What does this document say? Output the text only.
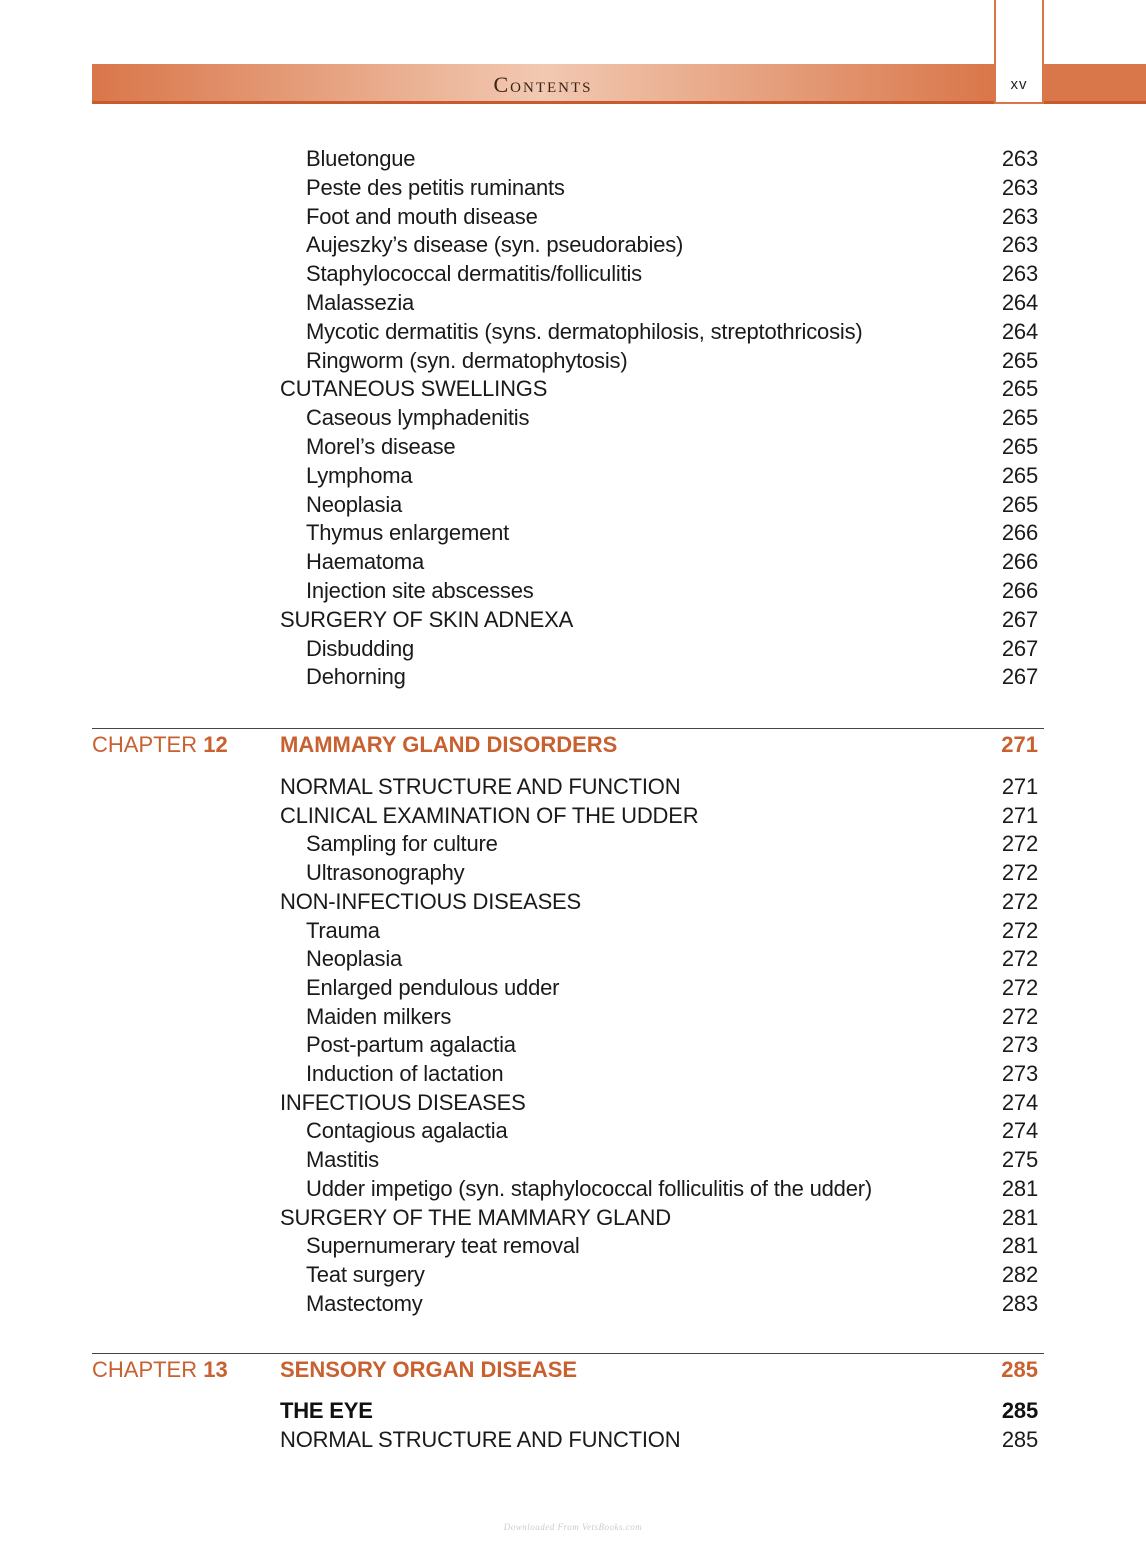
Contents	xv
Bluetongue	263
Peste des petitis ruminants	263
Foot and mouth disease	263
Aujeszky’s disease (syn. pseudorabies)	263
Staphylococcal dermatitis/folliculitis	263
Malassezia	264
Mycotic dermatitis (syns. dermatophilosis, streptothricosis)	264
Ringworm (syn. dermatophytosis)	265
CUTANEOUS SWELLINGS	265
Caseous lymphadenitis	265
Morel’s disease	265
Lymphoma	265
Neoplasia	265
Thymus enlargement	266
Haematoma	266
Injection site abscesses	266
SURGERY OF SKIN ADNEXA	267
Disbudding	267
Dehorning	267
CHAPTER 12 MAMMARY GLAND DISORDERS	271
NORMAL STRUCTURE AND FUNCTION	271
CLINICAL EXAMINATION OF THE UDDER	271
Sampling for culture	272
Ultrasonography	272
NON-INFECTIOUS DISEASES	272
Trauma	272
Neoplasia	272
Enlarged pendulous udder	272
Maiden milkers	272
Post-partum agalactia	273
Induction of lactation	273
INFECTIOUS DISEASES	274
Contagious agalactia	274
Mastitis	275
Udder impetigo (syn. staphylococcal folliculitis of the udder)	281
SURGERY OF THE MAMMARY GLAND	281
Supernumerary teat removal	281
Teat surgery	282
Mastectomy	283
CHAPTER 13 SENSORY ORGAN DISEASE	285
THE EYE	285
NORMAL STRUCTURE AND FUNCTION	285
Downloaded From VetsBooks.com
